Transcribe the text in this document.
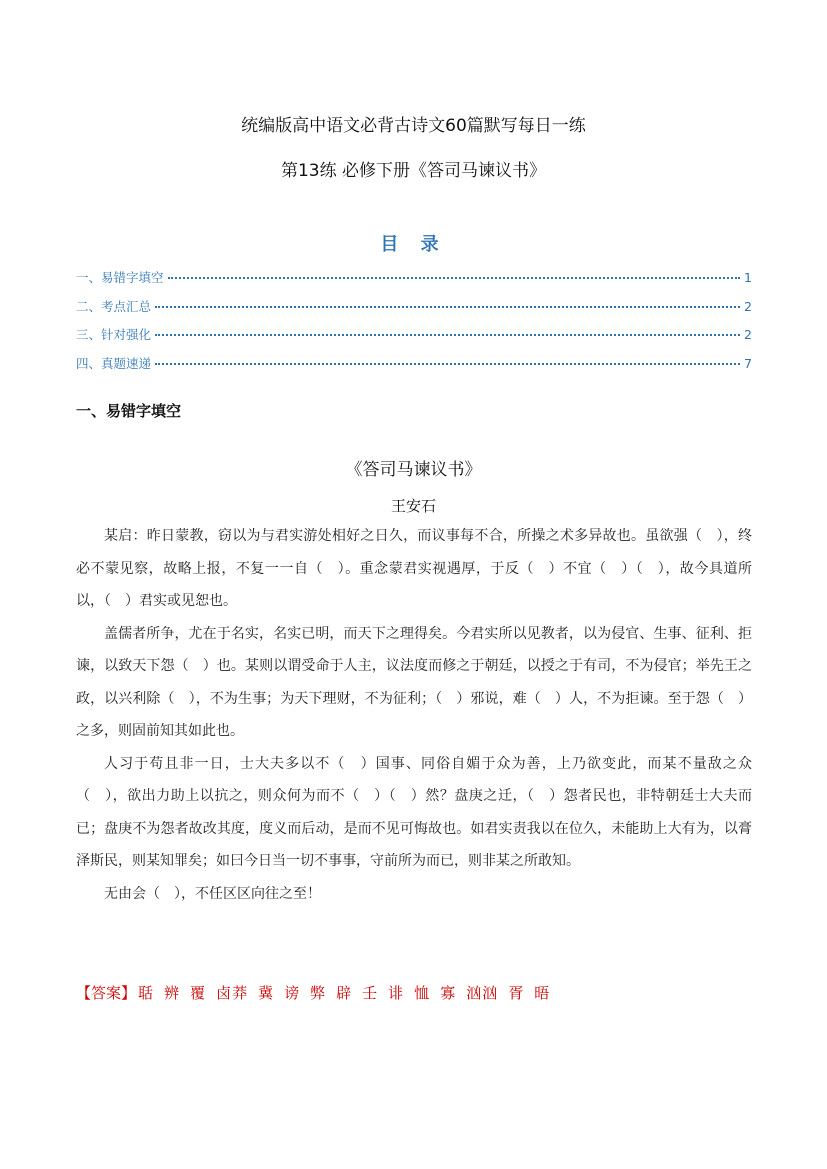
统编版高中语文必背古诗文60篇默写每日一练
第13练 必修下册《答司马谏议书》
目 录
一、易错字填空	1
二、考点汇总	2
三、针对强化	2
四、真题速递	7
一、易错字填空
《答司马谏议书》
王安石

某启：昨日蒙教，窃以为与君实游处相好之日久，而议事每不合，所操之术多异故也。虽欲强（　），终必不蒙见察，故略上报，不复一一自（　）。重念蒙君实视遇厚，于反（　）不宜（　）（　），故今具道所以，（　）君实或见恕也。

盖儒者所争，尤在于名实，名实已明，而天下之理得矣。今君实所以见教者，以为侵官、生事、征利、拒谏，以致天下怨（　）也。某则以谓受命于人主，议法度而修之于朝廷，以授之于有司，不为侵官；举先王之政，以兴利除（　），不为生事；为天下理财，不为征利；（　）邪说，难（　）人，不为拒谏。至于怨（　）之多，则固前知其如此也。

人习于苟且非一日，士大夫多以不（　）国事、同俗自媚于众为善，上乃欲变此，而某不量敌之众（　），欲出力助上以抗之，则众何为而不（　）（　）然？盘庚之迁，（　）怨者民也，非特朝廷士大夫而已；盘庚不为怨者故改其度，度义而后动，是而不见可悔故也。如君实责我以在位久，未能助上大有为，以膏泽斯民，则某知罪矣；如曰今日当一切不事事，守前所为而已，则非某之所敢知。

无由会（　），不任区区向往之至！

【答案】 聒 辨 覆 卤莽 冀 谤 弊 辟 壬 诽 恤 寡 汹汹 胥 晤
